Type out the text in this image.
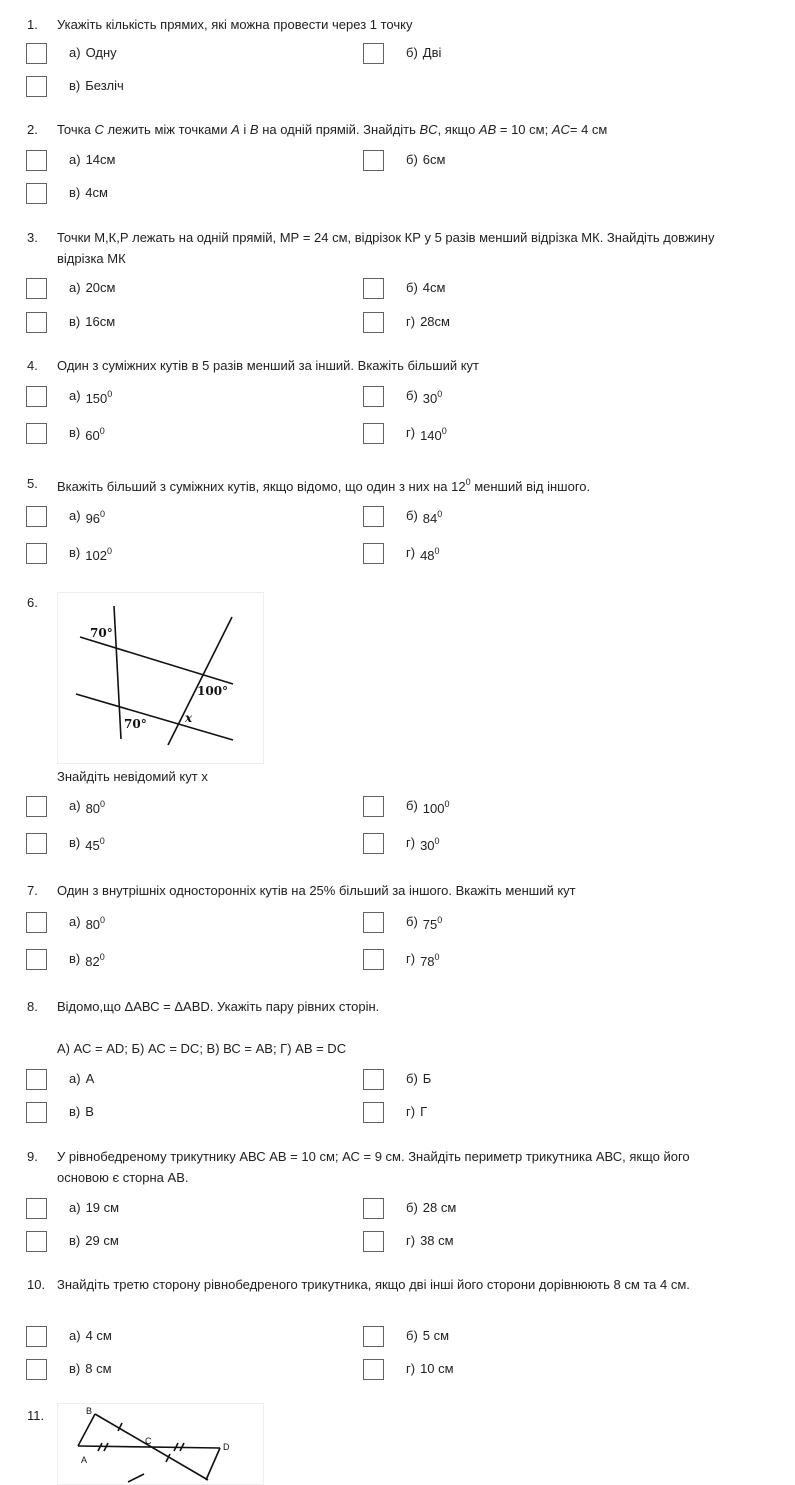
1. Укажіть кількість прямих, які можна провести через 1 точку
а) Одну	б) Дві
в) Безліч
2. Точка C лежить між точками A і B на одній прямій. Знайдіть BC, якщо AB = 10 см; AC= 4 см
а) 14см	б) 6см
в) 4см
3. Точки М,К,Р лежать на одній прямій, МР = 24 см, відрізок КР у 5 разів менший відрізка МК. Знайдіть довжину відрізка МК
а) 20см	б) 4см
в) 16см	г) 28см
4. Один з суміжних кутів в 5 разів менший за інший. Вкажіть більший кут
а) $150^0$	б) $30^0$
в) $60^0$	г) $140^0$
5. Вкажіть більший з суміжних кутів, якщо відомо, що один з них на $12^0$ менший від іншого.
а) $96^0$	б) $84^0$
в) $102^0$	г) $48^0$
6.
70°
100°
70°	x
Знайдіть невідомий кут х
а) $80^0$	б) $100^0$
в) $45^0$	г) $30^0$
7. Один з внутрішніх односторонніх кутів на 25% більший за іншого. Вкажіть менший кут
а) $80^0$	б) $75^0$
в) $82^0$	г) $78^0$
8. Відомо,що ΔАВС = ΔАВD. Укажіть пару рівних сторін.
А) АС = АD; Б) АС = DС; В) ВС = АВ; Г) АВ = DС
а) А	б) Б
в) В	г) Г
9. У рівнобедреному трикутнику АВС АВ = 10 см; АС = 9 см. Знайдіть периметр трикутника АВС, якщо його основою є сторна АВ.
а) 19 см	б) 28 см
в) 29 см	г) 38 см
10. Знайдіть третю сторону рівнобедреного трикутника, якщо дві інші його сторони дорівнюють 8 см та 4 см.
а) 4 см	б) 5 см
в) 8 см	г) 10 см
11.	B
C
D
A
